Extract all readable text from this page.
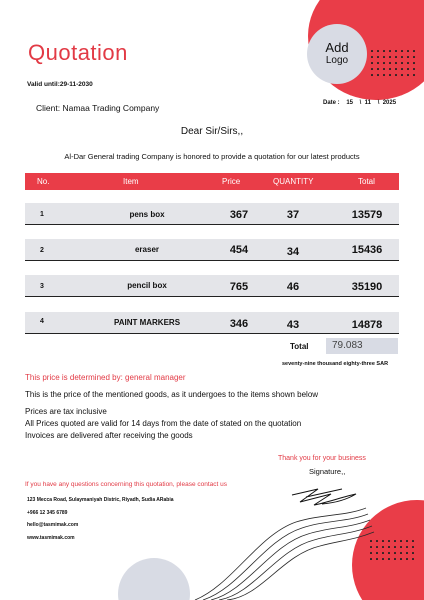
Add
Logo
Quotation
Valid until:29-11-2030
Date :    15    \  11    \  2025
Client: Namaa Trading Company
Dear Sir/Sirs,,
Al-Dar General trading Company is honored to provide a quotation for our latest products
No.	Item	Price	QUANTITY	Total
1	pens box	367	37	13579
2	eraser	454	34	15436
3	pencil box	765	46	35190
4	PAINT MARKERS	346	43	14878
Total	79.083
seventy-nine thousand eighty-three SAR
This price is determined by: general manager
This is the price of the mentioned goods, as it undergoes to the items shown below
Prices are tax inclusive
All Prices quoted are valid for 14 days from the date of stated on the quotation
Invoices are delivered after receiving the goods
Thank you for your business
Signature,,
If you have any questions concerning this quotation, please contact us
123 Mecca Road, Sulaymaniyah Distric, Riyadh, Sudia ARabia
+966 12 345 6789
hello@tasmimak.com
www.tasmimak.com
